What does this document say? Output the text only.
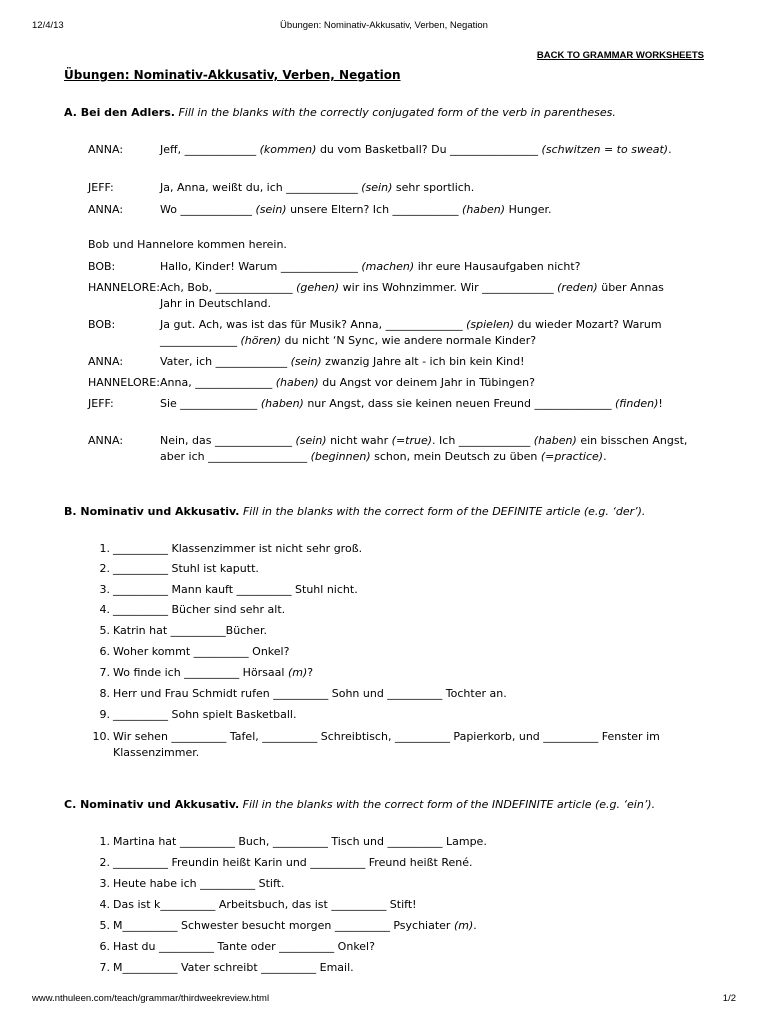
12/4/13	Übungen: Nominativ-Akkusativ, Verben, Negation
BACK TO GRAMMAR WORKSHEETS
Übungen: Nominativ-Akkusativ, Verben, Negation
A. Bei den Adlers. Fill in the blanks with the correctly conjugated form of the verb in parentheses.
ANNA:	Jeff, _____________ (kommen) du vom Basketball? Du ________________ (schwitzen = to sweat).
JEFF:	Ja, Anna, weißt du, ich _____________ (sein) sehr sportlich.
ANNA:	Wo _____________ (sein) unsere Eltern? Ich ____________ (haben) Hunger.
Bob und Hannelore kommen herein.
BOB:	Hallo, Kinder! Warum ______________ (machen) ihr eure Hausaufgaben nicht?
HANNELORE: Ach, Bob, ______________ (gehen) wir ins Wohnzimmer. Wir _____________ (reden) über Annas Jahr in Deutschland.
BOB:	Ja gut. Ach, was ist das für Musik? Anna, ______________ (spielen) du wieder Mozart? Warum ______________ (hören) du nicht ‘N Sync, wie andere normale Kinder?
ANNA:	Vater, ich _____________ (sein) zwanzig Jahre alt - ich bin kein Kind!
HANNELORE: Anna, ______________ (haben) du Angst vor deinem Jahr in Tübingen?
JEFF:	Sie ______________ (haben) nur Angst, dass sie keinen neuen Freund ______________ (finden)!
ANNA:	Nein, das ______________ (sein) nicht wahr (=true). Ich _____________ (haben) ein bisschen Angst, aber ich __________________ (beginnen) schon, mein Deutsch zu üben (=practice).
B. Nominativ und Akkusativ. Fill in the blanks with the correct form of the DEFINITE article (e.g. ‘der’).
1. __________ Klassenzimmer ist nicht sehr groß.
2. __________ Stuhl ist kaputt.
3. __________ Mann kauft __________ Stuhl nicht.
4. __________ Bücher sind sehr alt.
5. Katrin hat __________Bücher.
6. Woher kommt __________ Onkel?
7. Wo finde ich __________ Hörsaal (m)?
8. Herr und Frau Schmidt rufen __________ Sohn und __________ Tochter an.
9. __________ Sohn spielt Basketball.
10. Wir sehen __________ Tafel, __________ Schreibtisch, __________ Papierkorb, und __________ Fenster im Klassenzimmer.
C. Nominativ und Akkusativ. Fill in the blanks with the correct form of the INDEFINITE article (e.g. ‘ein’).
1. Martina hat __________ Buch, __________ Tisch und __________ Lampe.
2. __________ Freundin heißt Karin und __________ Freund heißt René.
3. Heute habe ich __________ Stift.
4. Das ist k__________ Arbeitsbuch, das ist __________ Stift!
5. M__________ Schwester besucht morgen __________ Psychiater (m).
6. Hast du __________ Tante oder __________ Onkel?
7. M__________ Vater schreibt __________ Email.
www.nthuleen.com/teach/grammar/thirdweekreview.html	1/2
